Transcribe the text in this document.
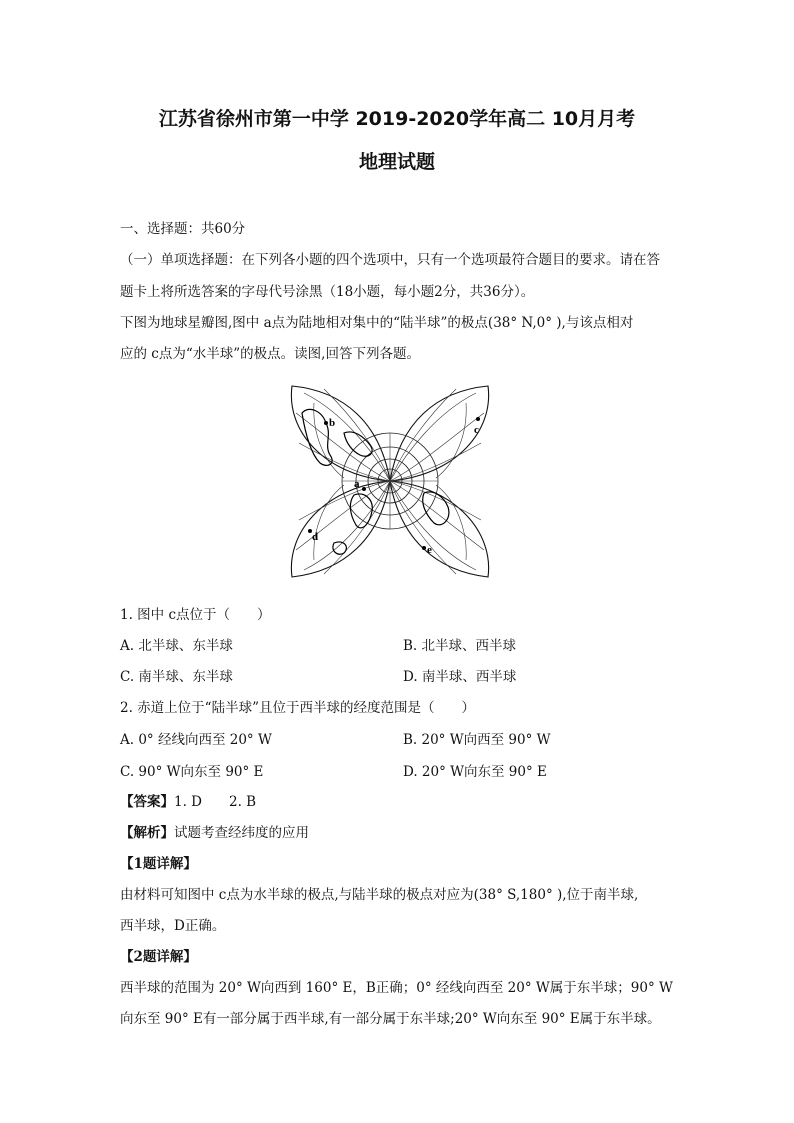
江苏省徐州市第一中学 2019-2020学年高二 10月月考
地理试题
一、选择题：共60分
（一）单项选择题：在下列各小题的四个选项中，只有一个选项最符合题目的要求。请在答
题卡上将所选答案的字母代号涂黑（18小题，每小题2分，共36分）。
下图为地球星瓣图,图中 a点为陆地相对集中的“陆半球”的极点(38° N,0° ),与该点相对
应的 c点为“水半球”的极点。读图,回答下列各题。
b
c
d
e
a
1. 图中 c点位于（　　）
A. 北半球、东半球	B. 北半球、西半球
C. 南半球、东半球	D. 南半球、西半球
2. 赤道上位于“陆半球”且位于西半球的经度范围是（　　）
A. 0° 经线向西至 20° W	B. 20° W向西至 90° W
C. 90° W向东至 90° E	D. 20° W向东至 90° E
【答案】1. D　　2. B
【解析】试题考查经纬度的应用
【1题详解】
由材料可知图中 c点为水半球的极点,与陆半球的极点对应为(38° S,180° ),位于南半球,
西半球，D正确。
【2题详解】
西半球的范围为 20° W向西到 160° E，B正确；0° 经线向西至 20° W属于东半球；90° W
向东至 90° E有一部分属于西半球,有一部分属于东半球;20° W向东至 90° E属于东半球。
